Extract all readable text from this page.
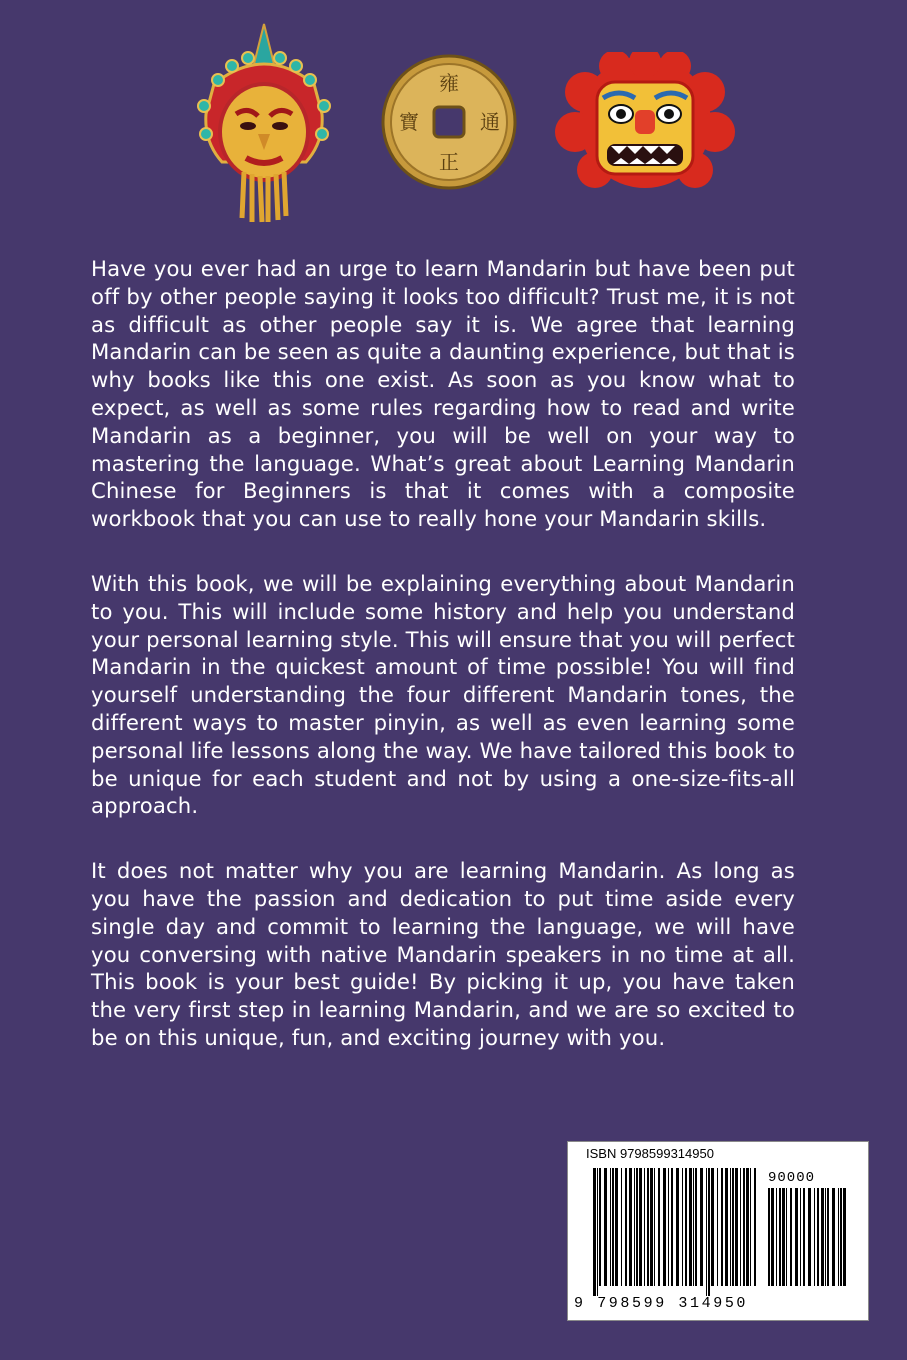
雍
寶	通
正

Have you ever had an urge to learn Mandarin but have been put off by other people saying it looks too difficult? Trust me, it is not as difficult as other people say it is. We agree that learning Mandarin can be seen as quite a daunting experience, but that is why books like this one exist. As soon as you know what to expect, as well as some rules regarding how to read and write Mandarin as a beginner, you will be well on your way to mastering the language. What’s great about Learning Mandarin Chinese for Beginners is that it comes with a composite workbook that you can use to really hone your Mandarin skills.

With this book, we will be explaining everything about Mandarin to you. This will include some history and help you understand your personal learning style. This will ensure that you will perfect Mandarin in the quickest amount of time possible! You will find yourself understanding the four different Mandarin tones, the different ways to master pinyin, as well as even learning some personal life lessons along the way. We have tailored this book to be unique for each student and not by using a one-size-fits-all approach.

It does not matter why you are learning Mandarin. As long as you have the passion and dedication to put time aside every single day and commit to learning the language, we will have you conversing with native Mandarin speakers in no time at all. This book is your best guide! By picking it up, you have taken the very first step in learning Mandarin, and we are so excited to be on this unique, fun, and exciting journey with you.

ISBN 9798599314950
90000
9 798599 314950
